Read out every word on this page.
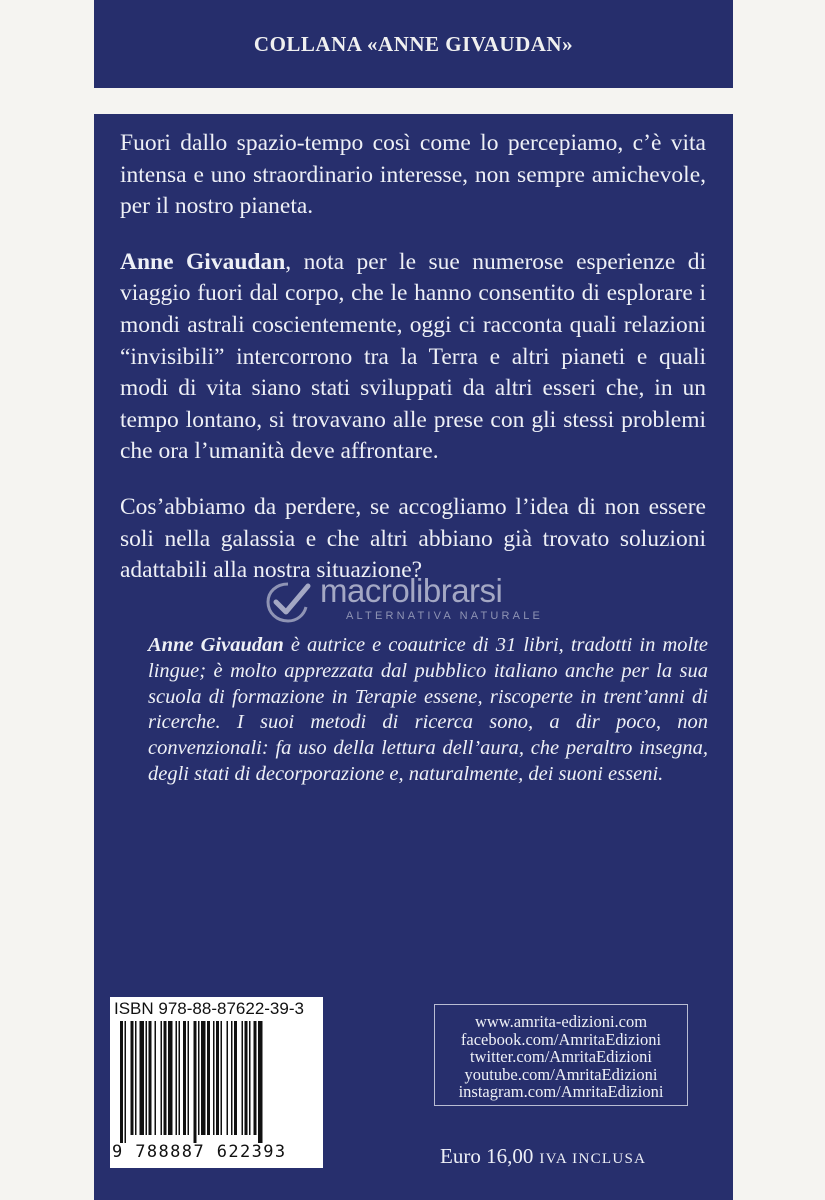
COLLANA «ANNE GIVAUDAN»

Fuori dallo spazio-tempo così come lo percepiamo, c’è vita intensa e uno straordinario interesse, non sempre amichevole, per il nostro pianeta.

Anne Givaudan, nota per le sue numerose esperienze di viaggio fuori dal corpo, che le hanno consentito di esplorare i mondi astrali coscientemente, oggi ci racconta quali relazioni “invisibili” intercorrono tra la Terra e altri pianeti e quali modi di vita siano stati sviluppati da altri esseri che, in un tempo lontano, si trovavano alle prese con gli stessi problemi che ora l’umanità deve affrontare.

Cos’abbiamo da perdere, se accogliamo l’idea di non essere soli nella galassia e che altri abbiano già trovato soluzioni adattabili alla nostra situazione?

macrolibrarsi
ALTERNATIVA NATURALE

Anne Givaudan è autrice e coautrice di 31 libri, tradotti in molte lingue; è molto apprezzata dal pubblico italiano anche per la sua scuola di formazione in Terapie essene, riscoperte in trent’anni di ricerche. I suoi metodi di ricerca sono, a dir poco, non convenzionali: fa uso della lettura dell’aura, che peraltro insegna, degli stati di decorporazione e, naturalmente, dei suoni esseni.

ISBN 978-88-87622-39-3
9 788887 622393
www.amrita-edizioni.com
facebook.com/AmritaEdizioni
twitter.com/AmritaEdizioni
youtube.com/AmritaEdizioni
instagram.com/AmritaEdizioni
Euro 16,00 IVA INCLUSA
